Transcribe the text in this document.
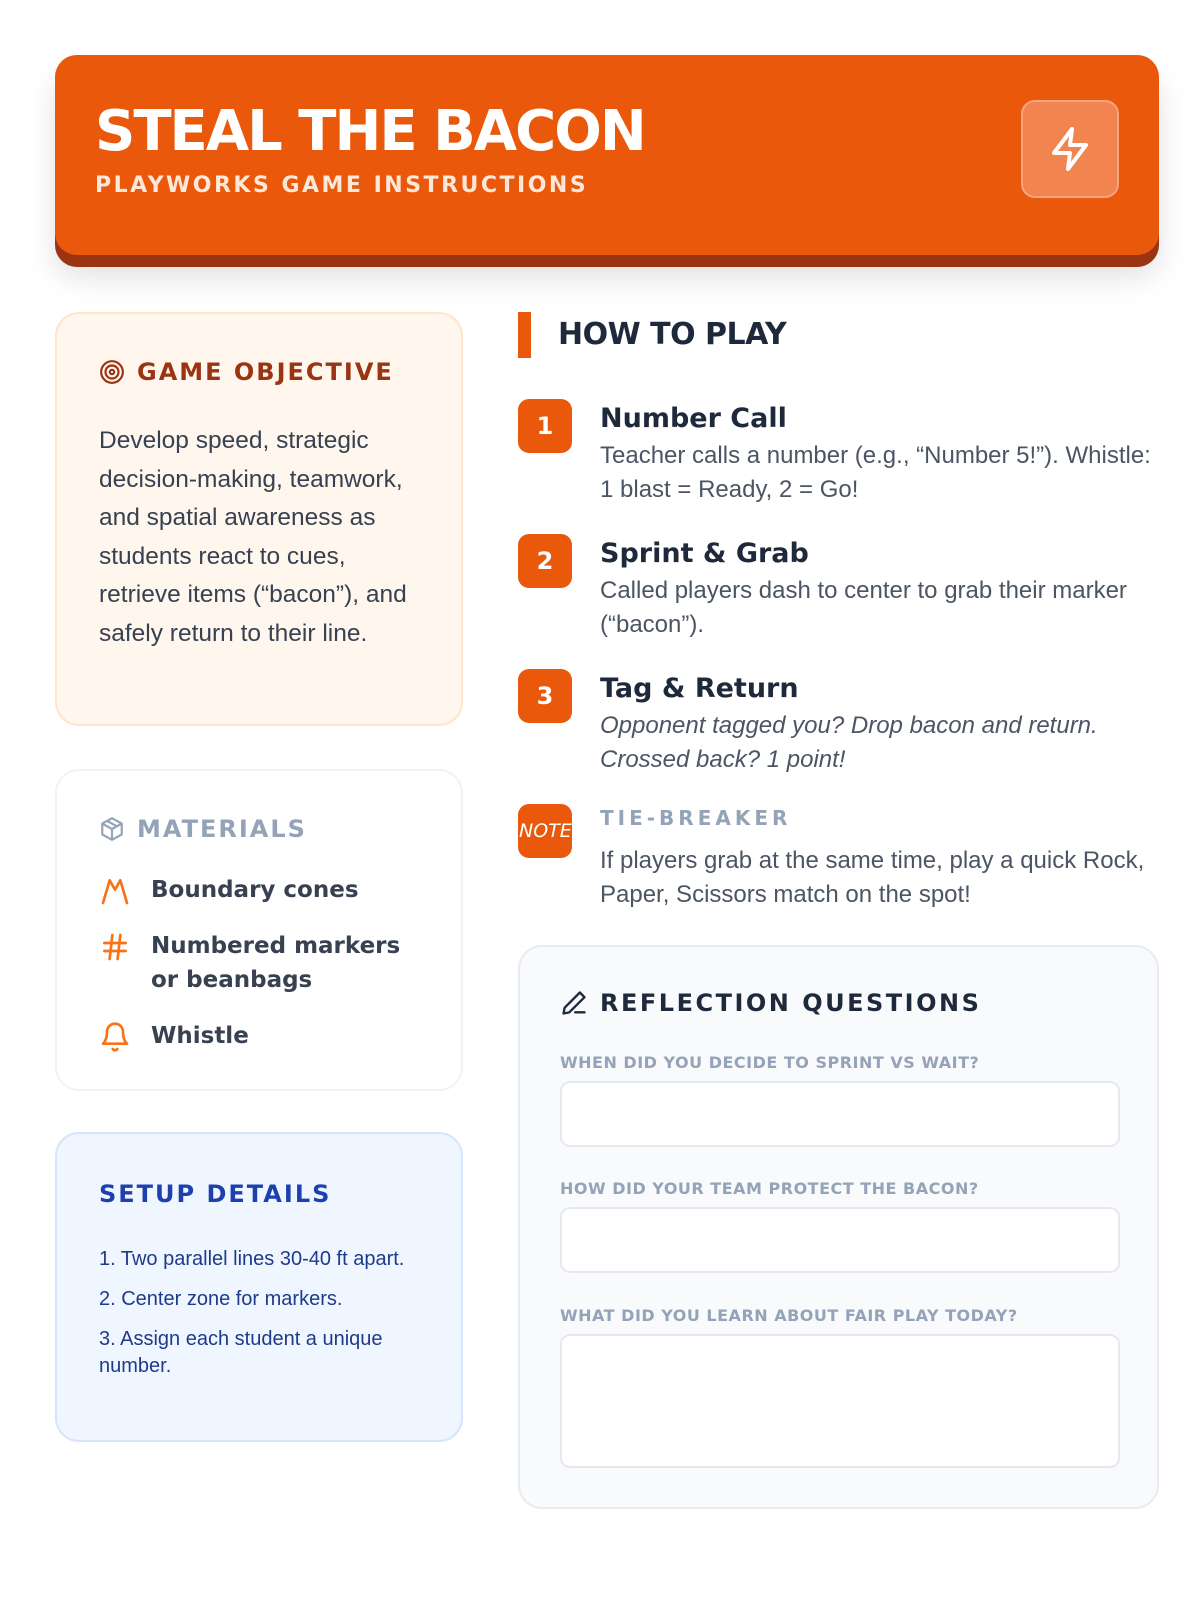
STEAL THE BACON
PLAYWORKS GAME INSTRUCTIONS
GAME OBJECTIVE
Develop speed, strategic decision-making, teamwork, and spatial awareness as students react to cues, retrieve items (“bacon”), and safely return to their line.
MATERIALS
Boundary cones
Numbered markers or beanbags
Whistle
SETUP DETAILS
1. Two parallel lines 30-40 ft apart.
2. Center zone for markers.
3. Assign each student a unique number.
HOW TO PLAY
1	Number Call
Teacher calls a number (e.g., “Number 5!”). Whistle: 1 blast = Ready, 2 = Go!
2	Sprint & Grab
Called players dash to center to grab their marker (“bacon”).
3	Tag & Return
Opponent tagged you? Drop bacon and return. Crossed back? 1 point!
NOTE
TIE-BREAKER
If players grab at the same time, play a quick Rock, Paper, Scissors match on the spot!
REFLECTION QUESTIONS
WHEN DID YOU DECIDE TO SPRINT VS WAIT?
HOW DID YOUR TEAM PROTECT THE BACON?
WHAT DID YOU LEARN ABOUT FAIR PLAY TODAY?
